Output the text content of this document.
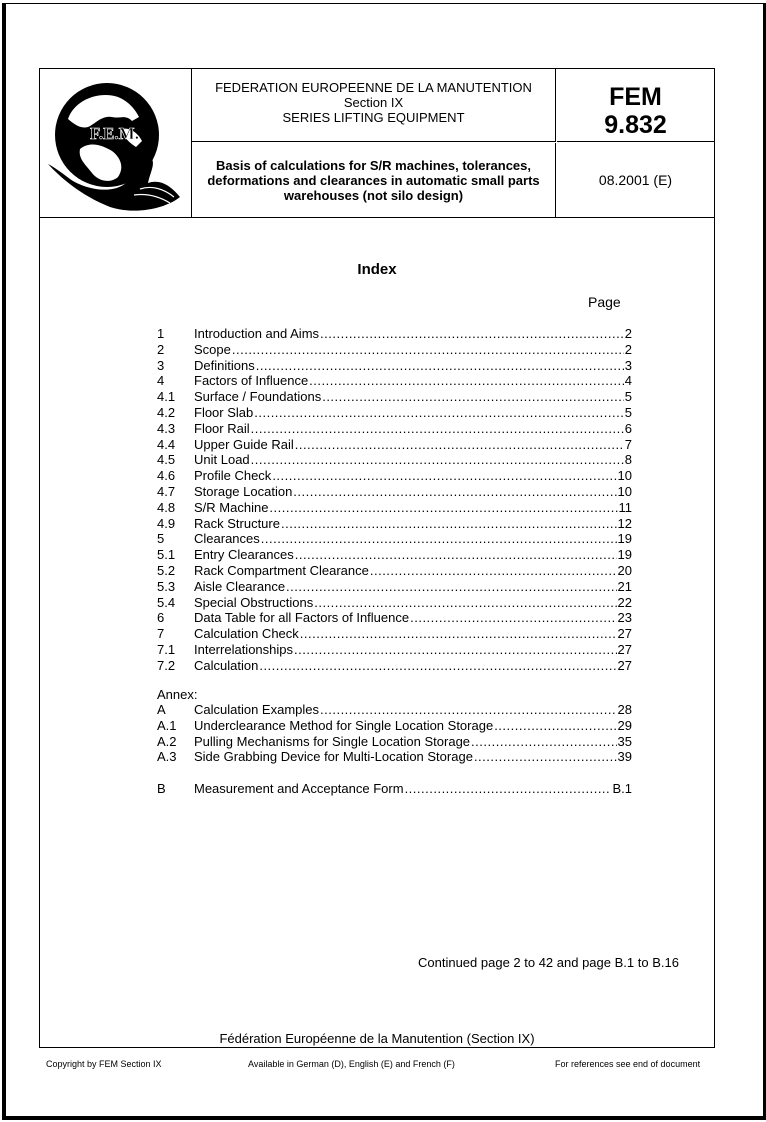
F.E.M.
FEDERATION EUROPEENNE DE LA MANUTENTION
Section IX
SERIES LIFTING EQUIPMENT
FEM
9.832
Basis of calculations for S/R machines, tolerances,
deformations and clearances in automatic small parts
warehouses (not silo design)
08.2001 (E)
Index
Page
1 Introduction and Aims .....	2
2 Scope .....	2
3 Definitions .....	3
4 Factors of Influence .....	4
4.1 Surface / Foundations .....	5
4.2 Floor Slab .....	5
4.3 Floor Rail .....	6
4.4 Upper Guide Rail .....	7
4.5 Unit Load .....	8
4.6 Profile Check .....	10
4.7 Storage Location .....	10
4.8 S/R Machine .....	11
4.9 Rack Structure .....	12
5 Clearances .....	19
5.1 Entry Clearances .....	19
5.2 Rack Compartment Clearance .....	20
5.3 Aisle Clearance .....	21
5.4 Special Obstructions .....	22
6 Data Table for all Factors of Influence .....	23
7 Calculation Check .....	27
7.1 Interrelationships .....	27
7.2 Calculation .....	27
Annex:
A Calculation Examples .....	28
A.1 Underclearance Method for Single Location Storage .....	29
A.2 Pulling Mechanisms for Single Location Storage .....	35
A.3 Side Grabbing Device for Multi-Location Storage .....	39
B Measurement and Acceptance Form .....	B.1
Continued page 2 to 42 and page B.1 to B.16
Fédération Européenne de la Manutention (Section IX)
Copyright by FEM Section IX	Available in German (D), English (E) and French (F)	For references see end of document
